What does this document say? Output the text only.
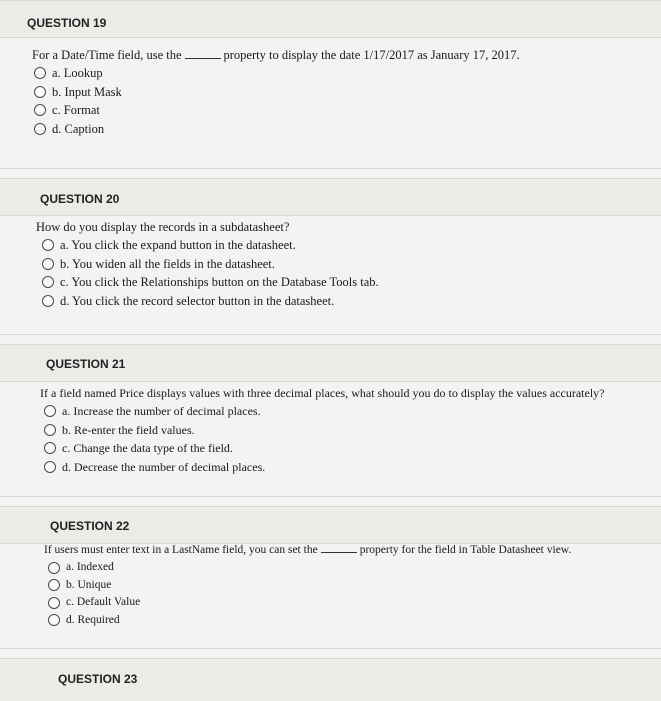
QUESTION 19
For a Date/Time field, use the	property to display the date 1/17/2017 as January 17, 2017.
a. Lookup
b. Input Mask
c. Format
d. Caption
QUESTION 20
How do you display the records in a subdatasheet?
a. You click the expand button in the datasheet.
b. You widen all the fields in the datasheet.
c. You click the Relationships button on the Database Tools tab.
d. You click the record selector button in the datasheet.
QUESTION 21
If a field named Price displays values with three decimal places, what should you do to display the values accurately?
a. Increase the number of decimal places.
b. Re-enter the field values.
c. Change the data type of the field.
d. Decrease the number of decimal places.
QUESTION 22
If users must enter text in a LastName field, you can set the	property for the field in Table Datasheet view.
a. Indexed
b. Unique
c. Default Value
d. Required
QUESTION 23
